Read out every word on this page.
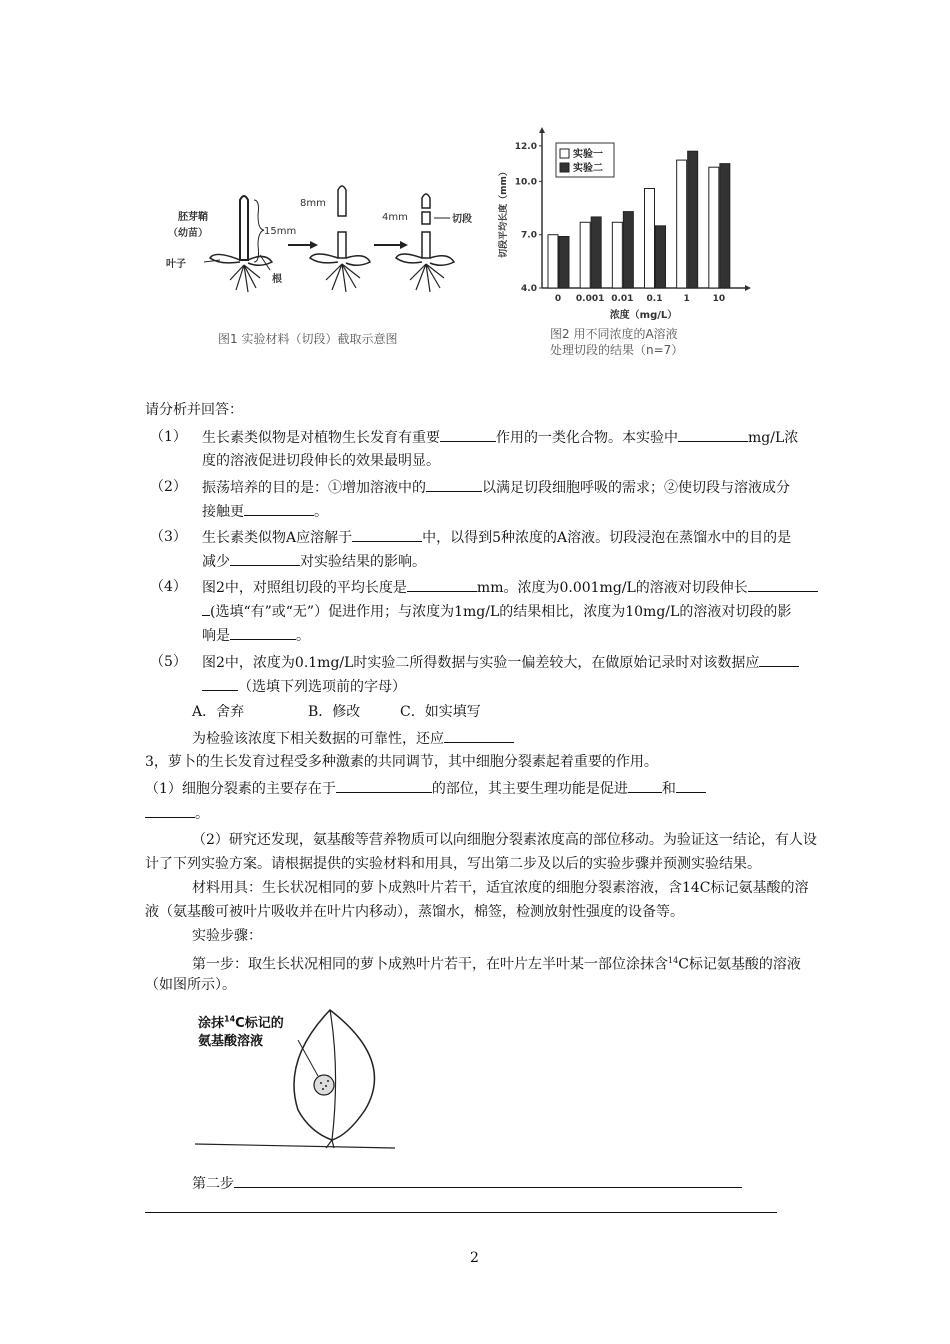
胚芽鞘
（幼苗）
叶子
根
15mm
8mm
4mm	切段
图1 实验材料（切段）截取示意图
4.0
7.0
10.0
12.0
切段平均长度（mm）
0 0.001 0.01 0.1 1	10
浓度（mg/L）
实验一
实验二
图2 用不同浓度的A溶液
处理切段的结果（n=7）
请分析并回答：
（1） 生长素类似物是对植物生长发育有重要	作用的一类化合物。本实验中	mg/L浓
度的溶液促进切段伸长的效果最明显。
（2） 振荡培养的目的是：①增加溶液中的	以满足切段细胞呼吸的需求；②使切段与溶液成分
接触更	。
（3） 生长素类似物A应溶解于	中，以得到5种浓度的A溶液。切段浸泡在蒸馏水中的目的是
减少	对实验结果的影响。
（4） 图2中，对照组切段的平均长度是	mm。浓度为0.001mg/L的溶液对切段伸长
(选填“有”或“无”）促进作用；与浓度为1mg/L的结果相比，浓度为10mg/L的溶液对切段的影
响是	。
（5） 图2中，浓度为0.1mg/L时实验二所得数据与实验一偏差较大，在做原始记录时对该数据应
（选填下列选项前的字母）
A．舍弃	B．修改	C．如实填写
为检验该浓度下相关数据的可靠性，还应
3，萝卜的生长发育过程受多种激素的共同调节，其中细胞分裂素起着重要的作用。
（1）细胞分裂素的主要存在于	的部位，其主要生理功能是促进 和
。
（2）研究还发现，氨基酸等营养物质可以向细胞分裂素浓度高的部位移动。为验证这一结论，有人设
计了下列实验方案。请根据提供的实验材料和用具，写出第二步及以后的实验步骤并预测实验结果。
材料用具：生长状况相同的萝卜成熟叶片若干，适宜浓度的细胞分裂素溶液，含14C标记氨基酸的溶
液（氨基酸可被叶片吸收并在叶片内移动），蒸馏水，棉签，检测放射性强度的设备等。
实验步骤：
第一步：取生长状况相同的萝卜成熟叶片若干，在叶片左半叶某一部位涂抹含$^{14}$C标记氨基酸的溶液
（如图所示）。
涂抹$^{14}$C标记的
氨基酸溶液
第二步
2
